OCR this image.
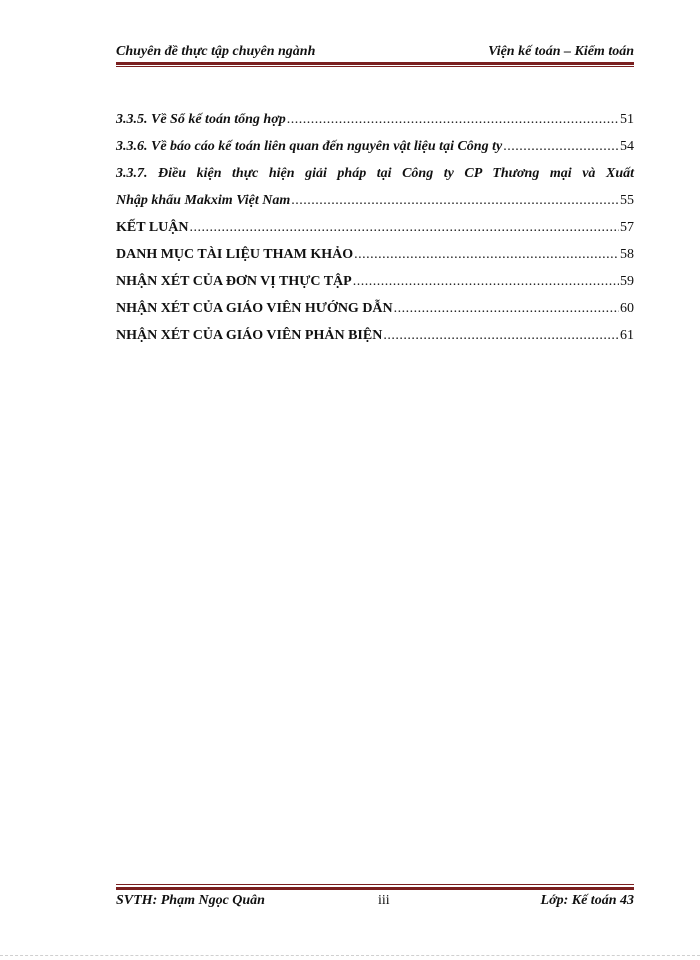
Chuyên đề thực tập chuyên ngành	Viện kế toán – Kiểm toán
3.3.5. Về Sổ kế toán tổng hợp .....	51
3.3.6. Về báo cáo kế toán liên quan đến nguyên vật liệu tại Công ty .....	54
3.3.7. Điều kiện thực hiện giải pháp tại Công ty CP Thương mại và Xuất
Nhập khẩu Makxim Việt Nam .....	55
KẾT LUẬN .....	57
DANH MỤC TÀI LIỆU THAM KHẢO .....	58
NHẬN XÉT CỦA ĐƠN VỊ THỰC TẬP .....	59
NHẬN XÉT CỦA GIÁO VIÊN HƯỚNG DẪN .....	60
NHẬN XÉT CỦA GIÁO VIÊN PHẢN BIỆN .....	61
SVTH: Phạm Ngọc Quân	iii	Lớp: Kế toán 43
